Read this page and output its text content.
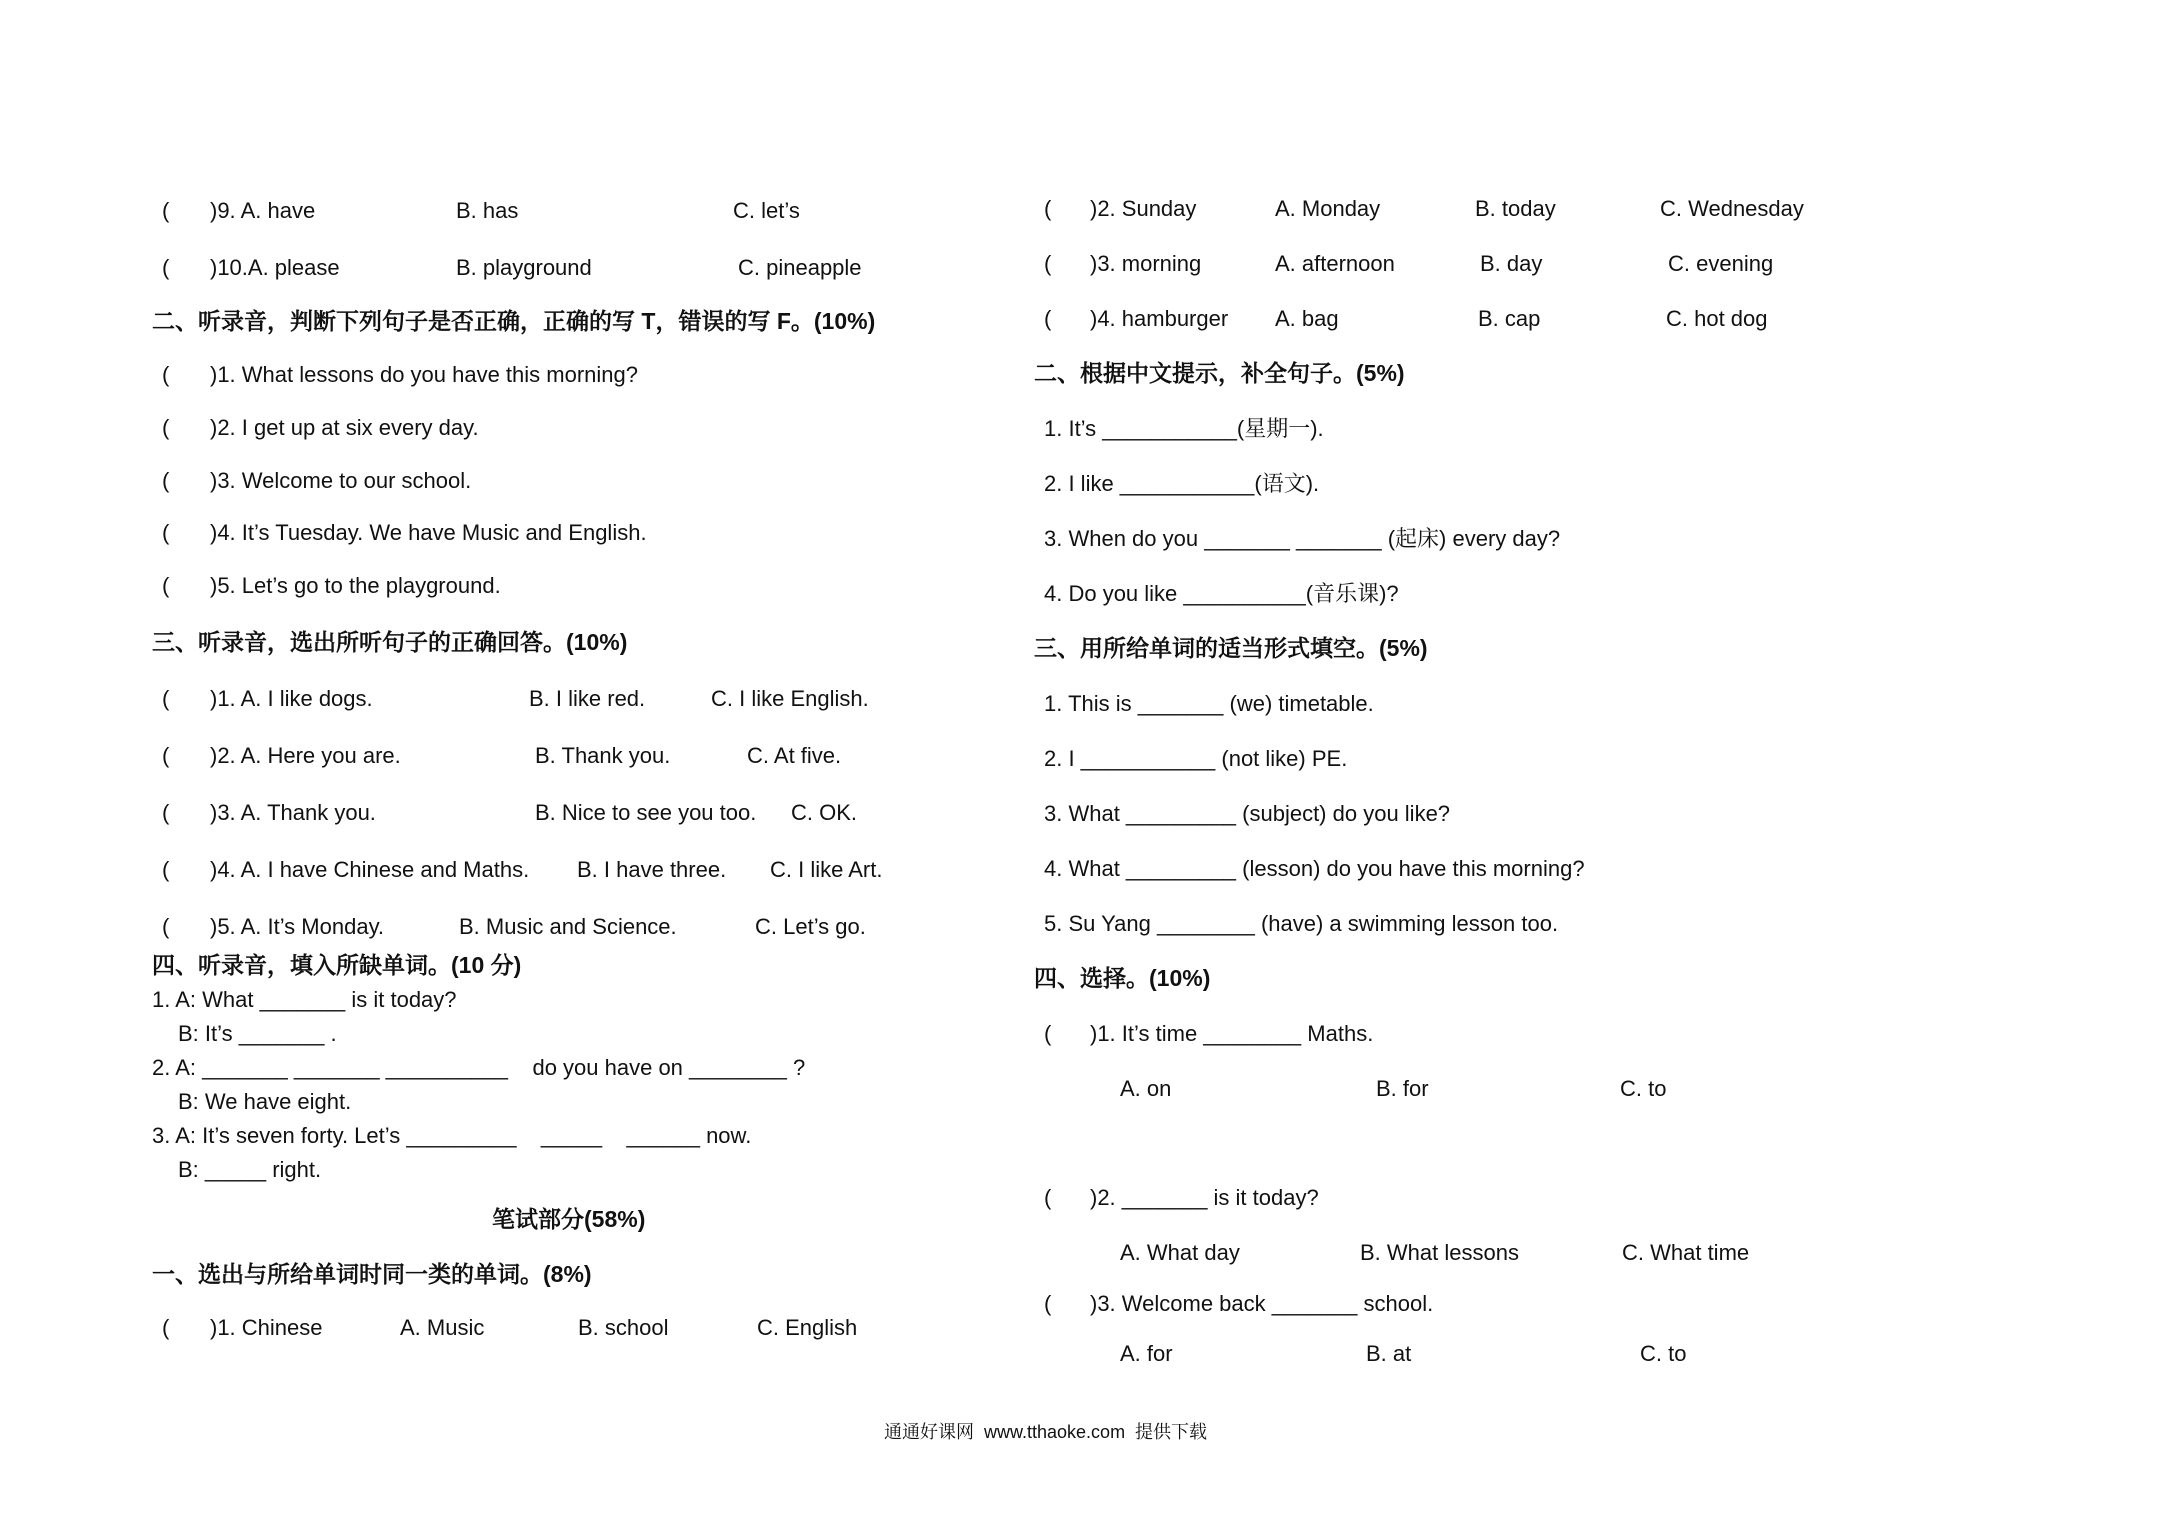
( )9. A. have	B. has	C. let’s
( )10.A. please	B. playground	C. pineapple
二、听录音，判断下列句子是否正确，正确的写 T，错误的写 F。(10%)
( )1. What lessons do you have this morning?
( )2. I get up at six every day.
( )3. Welcome to our school.
( )4. It’s Tuesday. We have Music and English.
( )5. Let’s go to the playground.
三、听录音，选出所听句子的正确回答。(10%)
( )1. A. I like dogs.	B. I like red.	C. I like English.
( )2. A. Here you are.	B. Thank you.	C. At five.
( )3. A. Thank you.	B. Nice to see you too. C. OK.
( )4. A. I have Chinese and Maths. B. I have three. C. I like Art.
( )5. A. It’s Monday.	B. Music and Science.	C. Let’s go.
四、听录音，填入所缺单词。(10 分)
1. A: What _______ is it today?
B: It’s _______ .
2. A: _______ _______ __________    do you have on ________ ?
B: We have eight.
3. A: It’s seven forty. Let’s _________    _____    ______ now.
B: _____ right.
笔试部分(58%)
一、选出与所给单词时同一类的单词。(8%)
( )1. Chinese	A. Music	B. school	C. English
( )2. Sunday	A. Monday	B. today	C. Wednesday
( )3. morning	A. afternoon	B. day	C. evening
( )4. hamburger A. bag	B. cap	C. hot dog
二、根据中文提示，补全句子。(5%)
1. It’s ___________(星期一).
2. I like ___________(语文).
3. When do you _______ _______ (起床) every day?
4. Do you like __________(音乐课)?
三、用所给单词的适当形式填空。(5%)
1. This is _______ (we) timetable.
2. I ___________ (not like) PE.
3. What _________ (subject) do you like?
4. What _________ (lesson) do you have this morning?
5. Su Yang ________ (have) a swimming lesson too.
四、选择。(10%)
( )1. It’s time ________ Maths.
A. on	B. for	C. to
( )2. _______ is it today?
A. What day	B. What lessons	C. What time
( )3. Welcome back _______ school.
A. for	B. at	C. to
通通好课网  www.tthaoke.com  提供下载
